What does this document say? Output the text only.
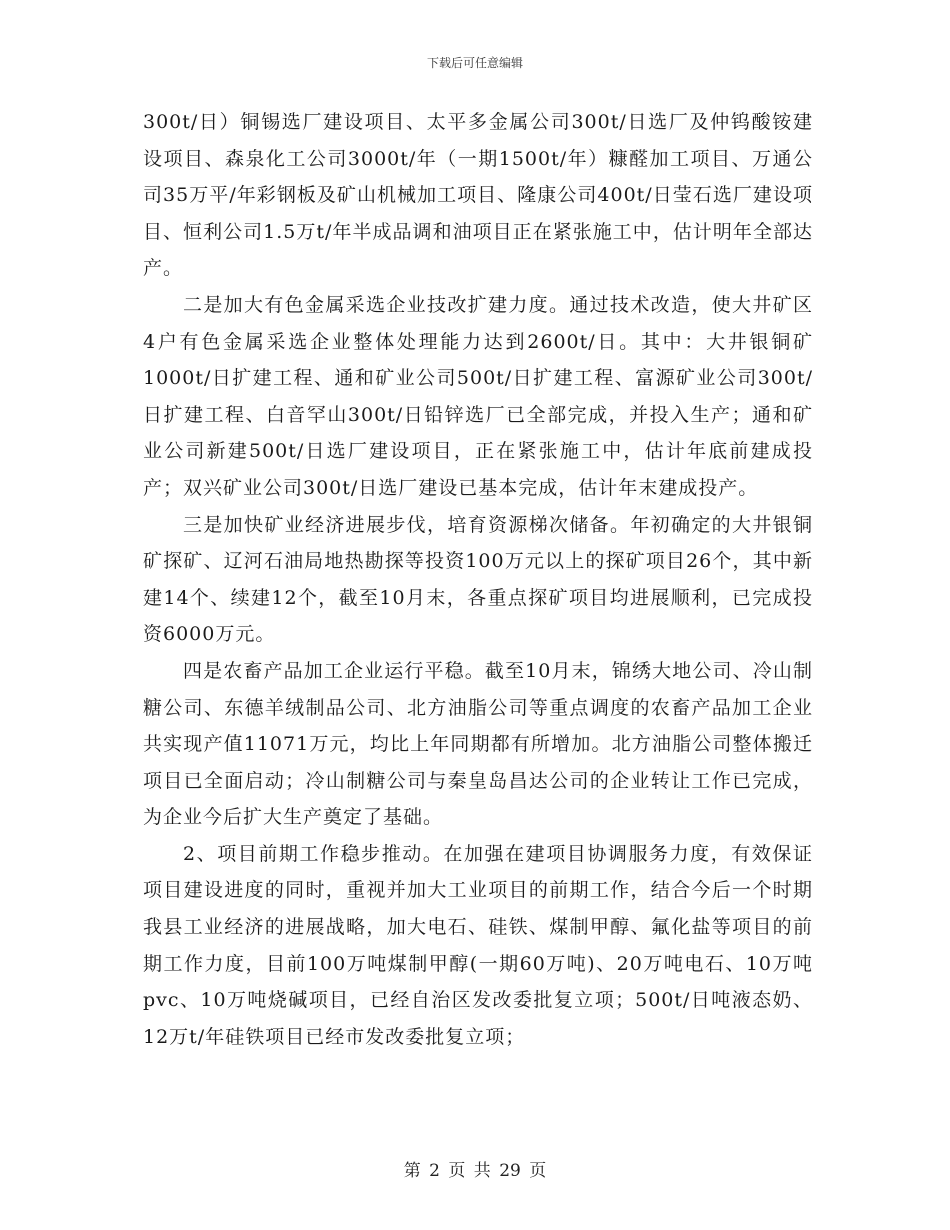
下载后可任意编辑

300t/日）铜锡选厂建设项目、太平多金属公司300t/日选厂及仲钨酸铵建设项目、森泉化工公司3000t/年（一期1500t/年）糠醛加工项目、万通公司35万平/年彩钢板及矿山机械加工项目、隆康公司400t/日莹石选厂建设项目、恒利公司1.5万t/年半成品调和油项目正在紧张施工中，估计明年全部达产。

二是加大有色金属采选企业技改扩建力度。通过技术改造，使大井矿区4户有色金属采选企业整体处理能力达到2600t/日。其中：大井银铜矿1000t/日扩建工程、通和矿业公司500t/日扩建工程、富源矿业公司300t/日扩建工程、白音罕山300t/日铅锌选厂已全部完成，并投入生产；通和矿业公司新建500t/日选厂建设项目，正在紧张施工中，估计年底前建成投产；双兴矿业公司300t/日选厂建设已基本完成，估计年末建成投产。

三是加快矿业经济进展步伐，培育资源梯次储备。年初确定的大井银铜矿探矿、辽河石油局地热勘探等投资100万元以上的探矿项目26个，其中新建14个、续建12个，截至10月末，各重点探矿项目均进展顺利，已完成投资6000万元。

四是农畜产品加工企业运行平稳。截至10月末，锦绣大地公司、冷山制糖公司、东德羊绒制品公司、北方油脂公司等重点调度的农畜产品加工企业共实现产值11071万元，均比上年同期都有所增加。北方油脂公司整体搬迁项目已全面启动；冷山制糖公司与秦皇岛昌达公司的企业转让工作已完成，为企业今后扩大生产奠定了基础。

2、项目前期工作稳步推动。在加强在建项目协调服务力度，有效保证项目建设进度的同时，重视并加大工业项目的前期工作，结合今后一个时期我县工业经济的进展战略，加大电石、硅铁、煤制甲醇、氟化盐等项目的前期工作力度，目前100万吨煤制甲醇(一期60万吨)、20万吨电石、10万吨pvc、10万吨烧碱项目，已经自治区发改委批复立项；500t/日吨液态奶、12万t/年硅铁项目已经市发改委批复立项；

第 2 页 共 29 页
